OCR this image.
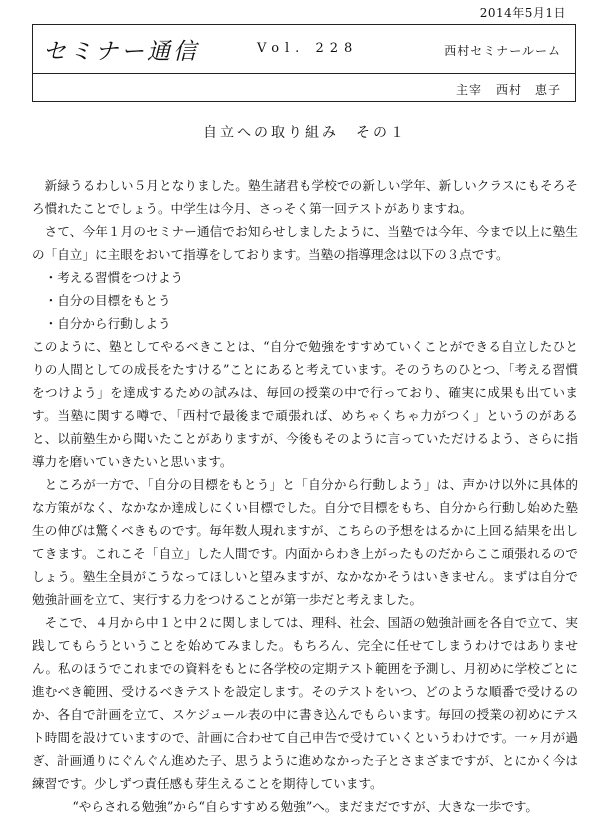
2014年5月1日
セミナー通信	Vol. 228	西村セミナールーム
主宰 西村　恵子
自立への取り組み　その１

新緑うるわしい５月となりました。塾生諸君も学校での新しい学年、新しいクラスにもそろそろ慣れたことでしょう。中学生は今月、さっそく第一回テストがありますね。

さて、今年１月のセミナー通信でお知らせしましたように、当塾では今年、今まで以上に塾生の「自立」に主眼をおいて指導をしております。当塾の指導理念は以下の３点です。

・考える習慣をつけよう
・自分の目標をもとう
・自分から行動しよう

このように、塾としてやるべきことは、“自分で勉強をすすめていくことができる自立したひとりの人間としての成長をたすける”ことにあると考えています。そのうちのひとつ、「考える習慣をつけよう」を達成するための試みは、毎回の授業の中で行っており、確実に成果も出ています。当塾に関する噂で、「西村で最後まで頑張れば、めちゃくちゃ力がつく」というのがあると、以前塾生から聞いたことがありますが、今後もそのように言っていただけるよう、さらに指導力を磨いていきたいと思います。

ところが一方で、「自分の目標をもとう」と「自分から行動しよう」は、声かけ以外に具体的な方策がなく、なかなか達成しにくい目標でした。自分で目標をもち、自分から行動し始めた塾生の伸びは驚くべきものです。毎年数人現れますが、こちらの予想をはるかに上回る結果を出してきます。これこそ「自立」した人間です。内面からわき上がったものだからここ頑張れるのでしょう。塾生全員がこうなってほしいと望みますが、なかなかそうはいきません。まずは自分で勉強計画を立て、実行する力をつけることが第一歩だと考えました。

そこで、４月から中１と中２に関しましては、理科、社会、国語の勉強計画を各自で立て、実践してもらうということを始めてみました。もちろん、完全に任せてしまうわけではありません。私のほうでこれまでの資料をもとに各学校の定期テスト範囲を予測し、月初めに学校ごとに進むべき範囲、受けるべきテストを設定します。そのテストをいつ、どのような順番で受けるのか、各自で計画を立て、スケジュール表の中に書き込んでもらいます。毎回の授業の初めにテスト時間を設けていますので、計画に合わせて自己申告で受けていくというわけです。一ヶ月が過ぎ、計画通りにぐんぐん進めた子、思うように進めなかった子とさまざまですが、とにかく今は練習です。少しずつ責任感も芽生えることを期待しています。

“やらされる勉強”から“自らすすめる勉強”へ。まだまだですが、大きな一歩です。
